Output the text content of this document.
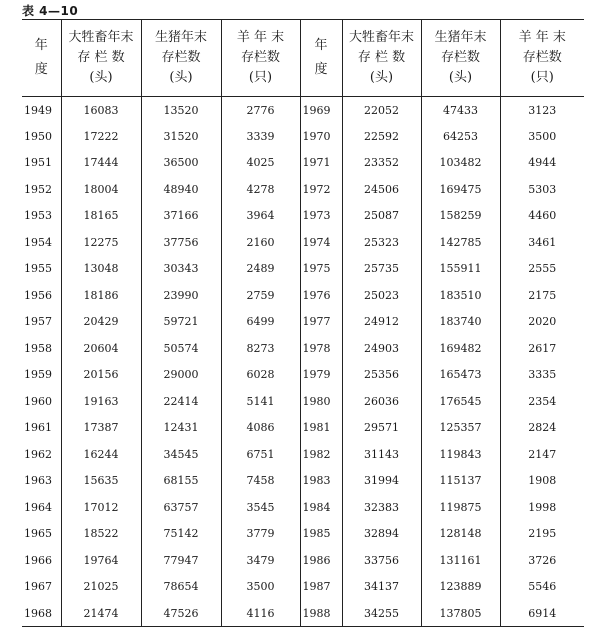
表 4—10
年
度	大牲畜年末
存 栏 数
(头)	生猪年末
存栏数
(头)	羊 年 末
存栏数
(只)	年
度	大牲畜年末
存 栏 数
(头)	生猪年末
存栏数
(头)	羊 年 末
存栏数
(只)

1949	16083	13520	2776	1969	22052	47433	3123
1950	17222	31520	3339	1970	22592	64253	3500
1951	17444	36500	4025	1971	23352	103482	4944
1952	18004	48940	4278	1972	24506	169475	5303
1953	18165	37166	3964	1973	25087	158259	4460
1954	12275	37756	2160	1974	25323	142785	3461
1955	13048	30343	2489	1975	25735	155911	2555
1956	18186	23990	2759	1976	25023	183510	2175
1957	20429	59721	6499	1977	24912	183740	2020
1958	20604	50574	8273	1978	24903	169482	2617
1959	20156	29000	6028	1979	25356	165473	3335
1960	19163	22414	5141	1980	26036	176545	2354
1961	17387	12431	4086	1981	29571	125357	2824
1962	16244	34545	6751	1982	31143	119843	2147
1963	15635	68155	7458	1983	31994	115137	1908
1964	17012	63757	3545	1984	32383	119875	1998
1965	18522	75142	3779	1985	32894	128148	2195
1966	19764	77947	3479	1986	33756	131161	3726
1967	21025	78654	3500	1987	34137	123889	5546
1968	21474	47526	4116	1988	34255	137805	6914
